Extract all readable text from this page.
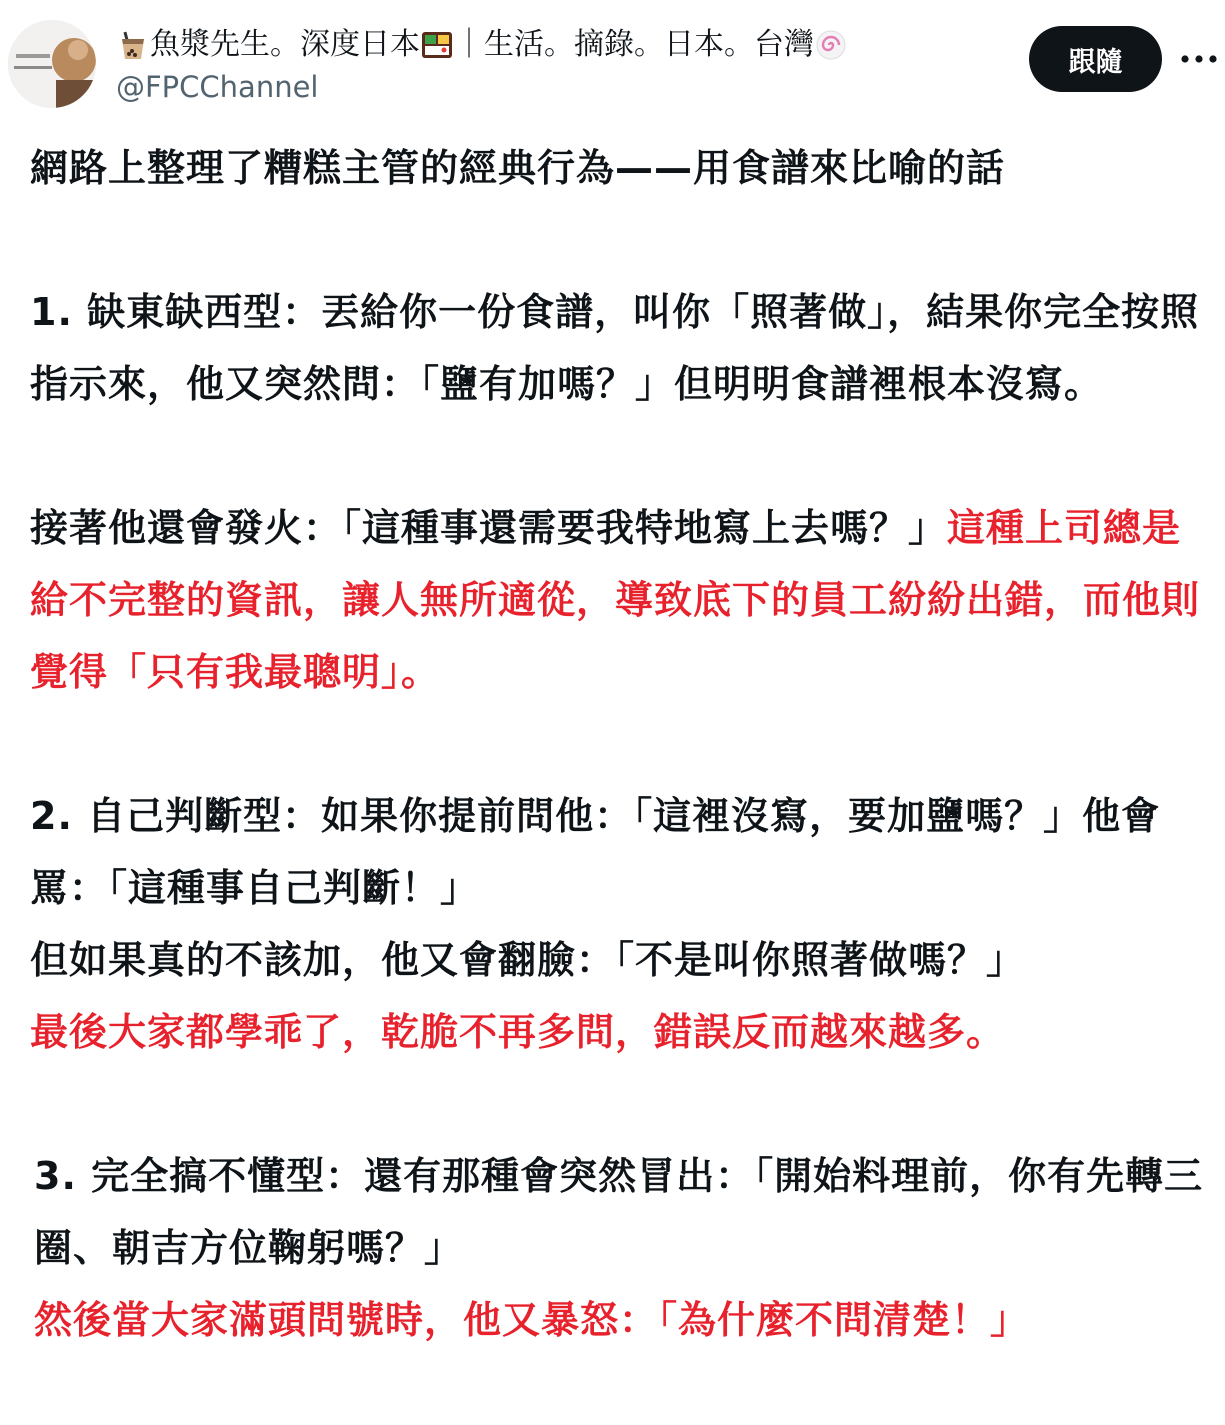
魚漿先生。深度日本 ｜生活。摘錄。日本。台灣
@FPCChannel
跟隨

網路上整理了糟糕主管的經典行為——用食譜來比喻的話

1. 缺東缺西型：丟給你一份食譜，叫你「照著做」，結果你完全按照指示來，他又突然問：「鹽有加嗎？」但明明食譜裡根本沒寫。

接著他還會發火：「這種事還需要我特地寫上去嗎？」這種上司總是給不完整的資訊，讓人無所適從，導致底下的員工紛紛出錯，而他則覺得「只有我最聰明」。

2. 自己判斷型：如果你提前問他：「這裡沒寫，要加鹽嗎？」他會罵：「這種事自己判斷！」

但如果真的不該加，他又會翻臉：「不是叫你照著做嗎？」

最後大家都學乖了，乾脆不再多問，錯誤反而越來越多。

3. 完全搞不懂型：還有那種會突然冒出：「開始料理前，你有先轉三圈、朝吉方位鞠躬嗎？」

然後當大家滿頭問號時，他又暴怒：「為什麼不問清楚！」
